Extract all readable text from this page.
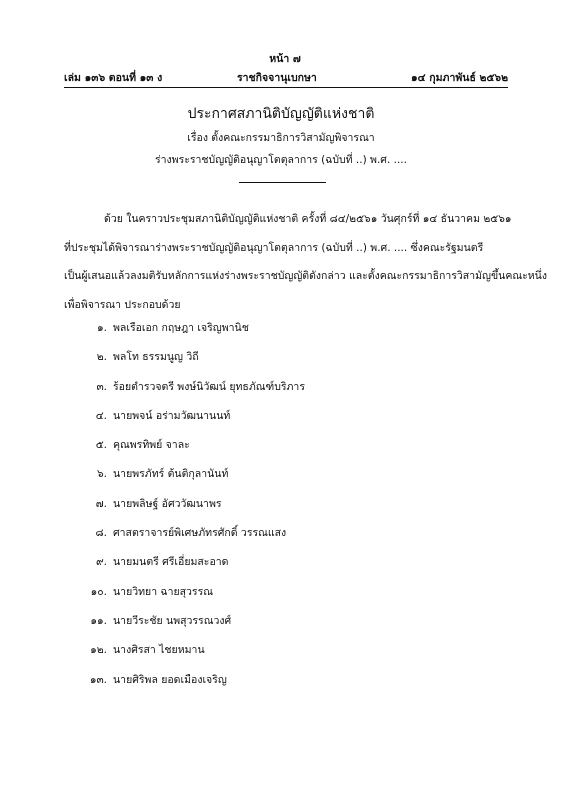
หน้า ๗
เล่ม ๑๓๖ ตอนที่ ๑๓ ง	ราชกิจจานุเบกษา	๑๔ กุมภาพันธ์ ๒๕๖๒
ประกาศสภานิติบัญญัติแห่งชาติ
เรื่อง ตั้งคณะกรรมาธิการวิสามัญพิจารณา
ร่างพระราชบัญญัติอนุญาโตตุลาการ (ฉบับที่ ..) พ.ศ. ....
ด้วย ในคราวประชุมสภานิติบัญญัติแห่งชาติ ครั้งที่ ๘๔/๒๕๖๑ วันศุกร์ที่ ๑๔ ธันวาคม ๒๕๖๑
ที่ประชุมได้พิจารณาร่างพระราชบัญญัติอนุญาโตตุลาการ (ฉบับที่ ..) พ.ศ. .... ซึ่งคณะรัฐมนตรี
เป็นผู้เสนอแล้วลงมติรับหลักการแห่งร่างพระราชบัญญัติดังกล่าว และตั้งคณะกรรมาธิการวิสามัญขึ้นคณะหนึ่ง
เพื่อพิจารณา ประกอบด้วย
๑. พลเรือเอก กฤษฎา เจริญพานิช
๒. พลโท ธรรมนูญ วิถี
๓. ร้อยตำรวจตรี พงษ์นิวัฒน์ ยุทธภัณฑ์บริภาร
๔. นายพจน์ อร่ามวัฒนานนท์
๕. คุณพรทิพย์ จาละ
๖. นายพรภัทร์ ต้นติกุลานันท์
๗. นายพลิษฐ์ อัศววัฒนาพร
๘. ศาสตราจารย์พิเศษภัทรศักดิ์ วรรณแสง
๙. นายมนตรี ศรีเอี่ยมสะอาด
๑๐. นายวิทยา ฉายสุวรรณ
๑๑. นายวีระชัย นพสุวรรณวงศ์
๑๒. นางศิรสา ไชยหมาน
๑๓. นายศิริพล ยอดเมืองเจริญ
